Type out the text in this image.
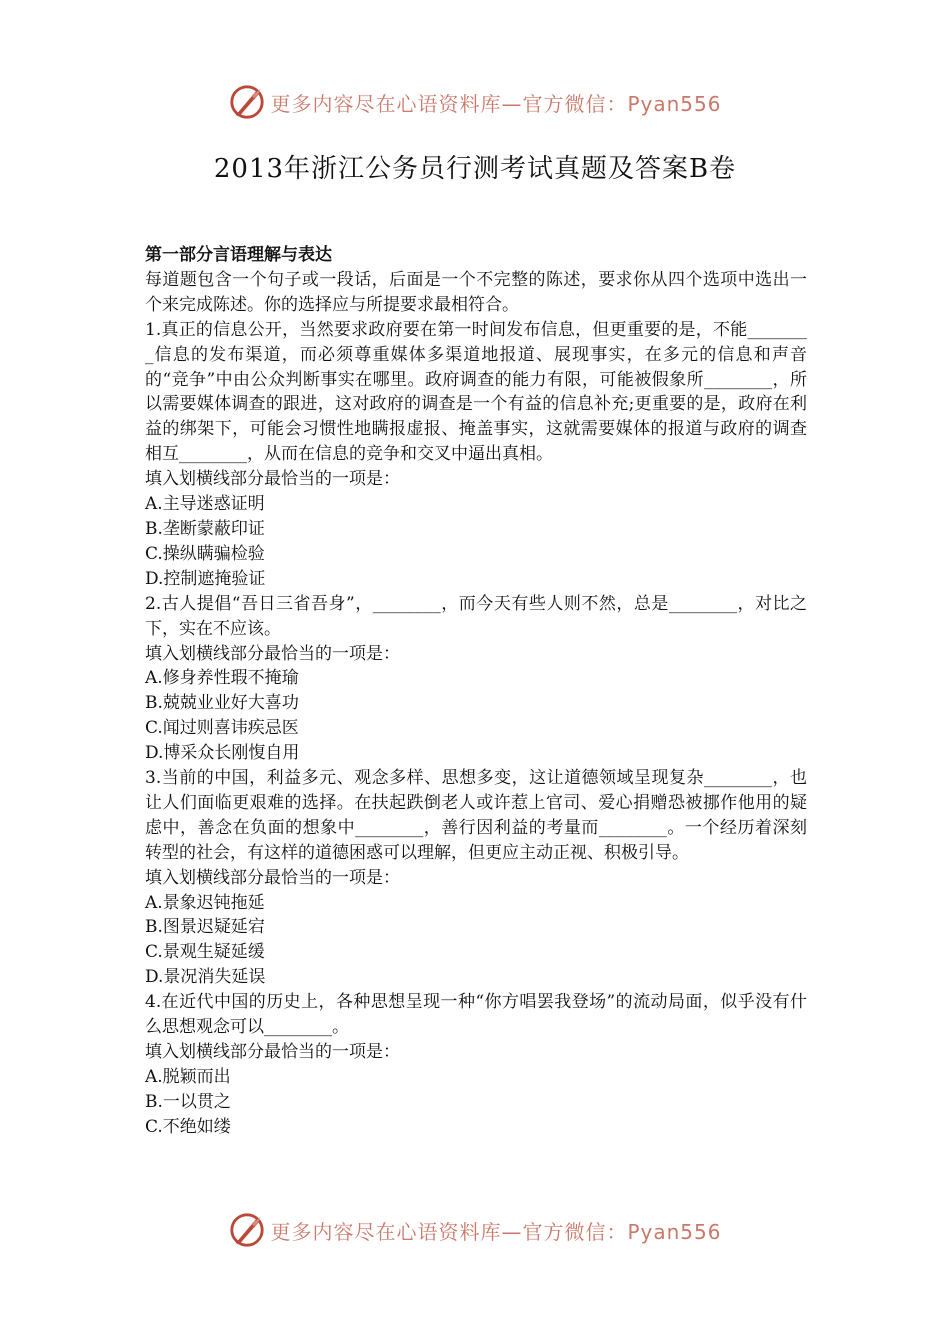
更多内容尽在心语资料库—官方微信：Pyan556
2013年浙江公务员行测考试真题及答案B卷

第一部分言语理解与表达

每道题包含一个句子或一段话，后面是一个不完整的陈述，要求你从四个选项中选出一个来完成陈述。你的选择应与所提要求最相符合。

1.真正的信息公开，当然要求政府要在第一时间发布信息，但更重要的是，不能________信息的发布渠道，而必须尊重媒体多渠道地报道、展现事实，在多元的信息和声音的“竞争”中由公众判断事实在哪里。政府调查的能力有限，可能被假象所________，所以需要媒体调查的跟进，这对政府的调查是一个有益的信息补充;更重要的是，政府在利益的绑架下，可能会习惯性地瞒报虚报、掩盖事实，这就需要媒体的报道与政府的调查相互________，从而在信息的竞争和交叉中逼出真相。

填入划横线部分最恰当的一项是：

A.主导迷惑证明

B.垄断蒙蔽印证

C.操纵瞒骗检验

D.控制遮掩验证

2.古人提倡“吾日三省吾身”，________，而今天有些人则不然，总是________，对比之下，实在不应该。

填入划横线部分最恰当的一项是：

A.修身养性瑕不掩瑜

B.兢兢业业好大喜功

C.闻过则喜讳疾忌医

D.博采众长刚愎自用

3.当前的中国，利益多元、观念多样、思想多变，这让道德领域呈现复杂________，也让人们面临更艰难的选择。在扶起跌倒老人或许惹上官司、爱心捐赠恐被挪作他用的疑虑中，善念在负面的想象中________，善行因利益的考量而________。一个经历着深刻转型的社会，有这样的道德困惑可以理解，但更应主动正视、积极引导。

填入划横线部分最恰当的一项是：

A.景象迟钝拖延

B.图景迟疑延宕

C.景观生疑延缓

D.景况消失延误

4.在近代中国的历史上，各种思想呈现一种“你方唱罢我登场”的流动局面，似乎没有什么思想观念可以________。

填入划横线部分最恰当的一项是：

A.脱颖而出

B.一以贯之

C.不绝如缕

更多内容尽在心语资料库—官方微信：Pyan556
